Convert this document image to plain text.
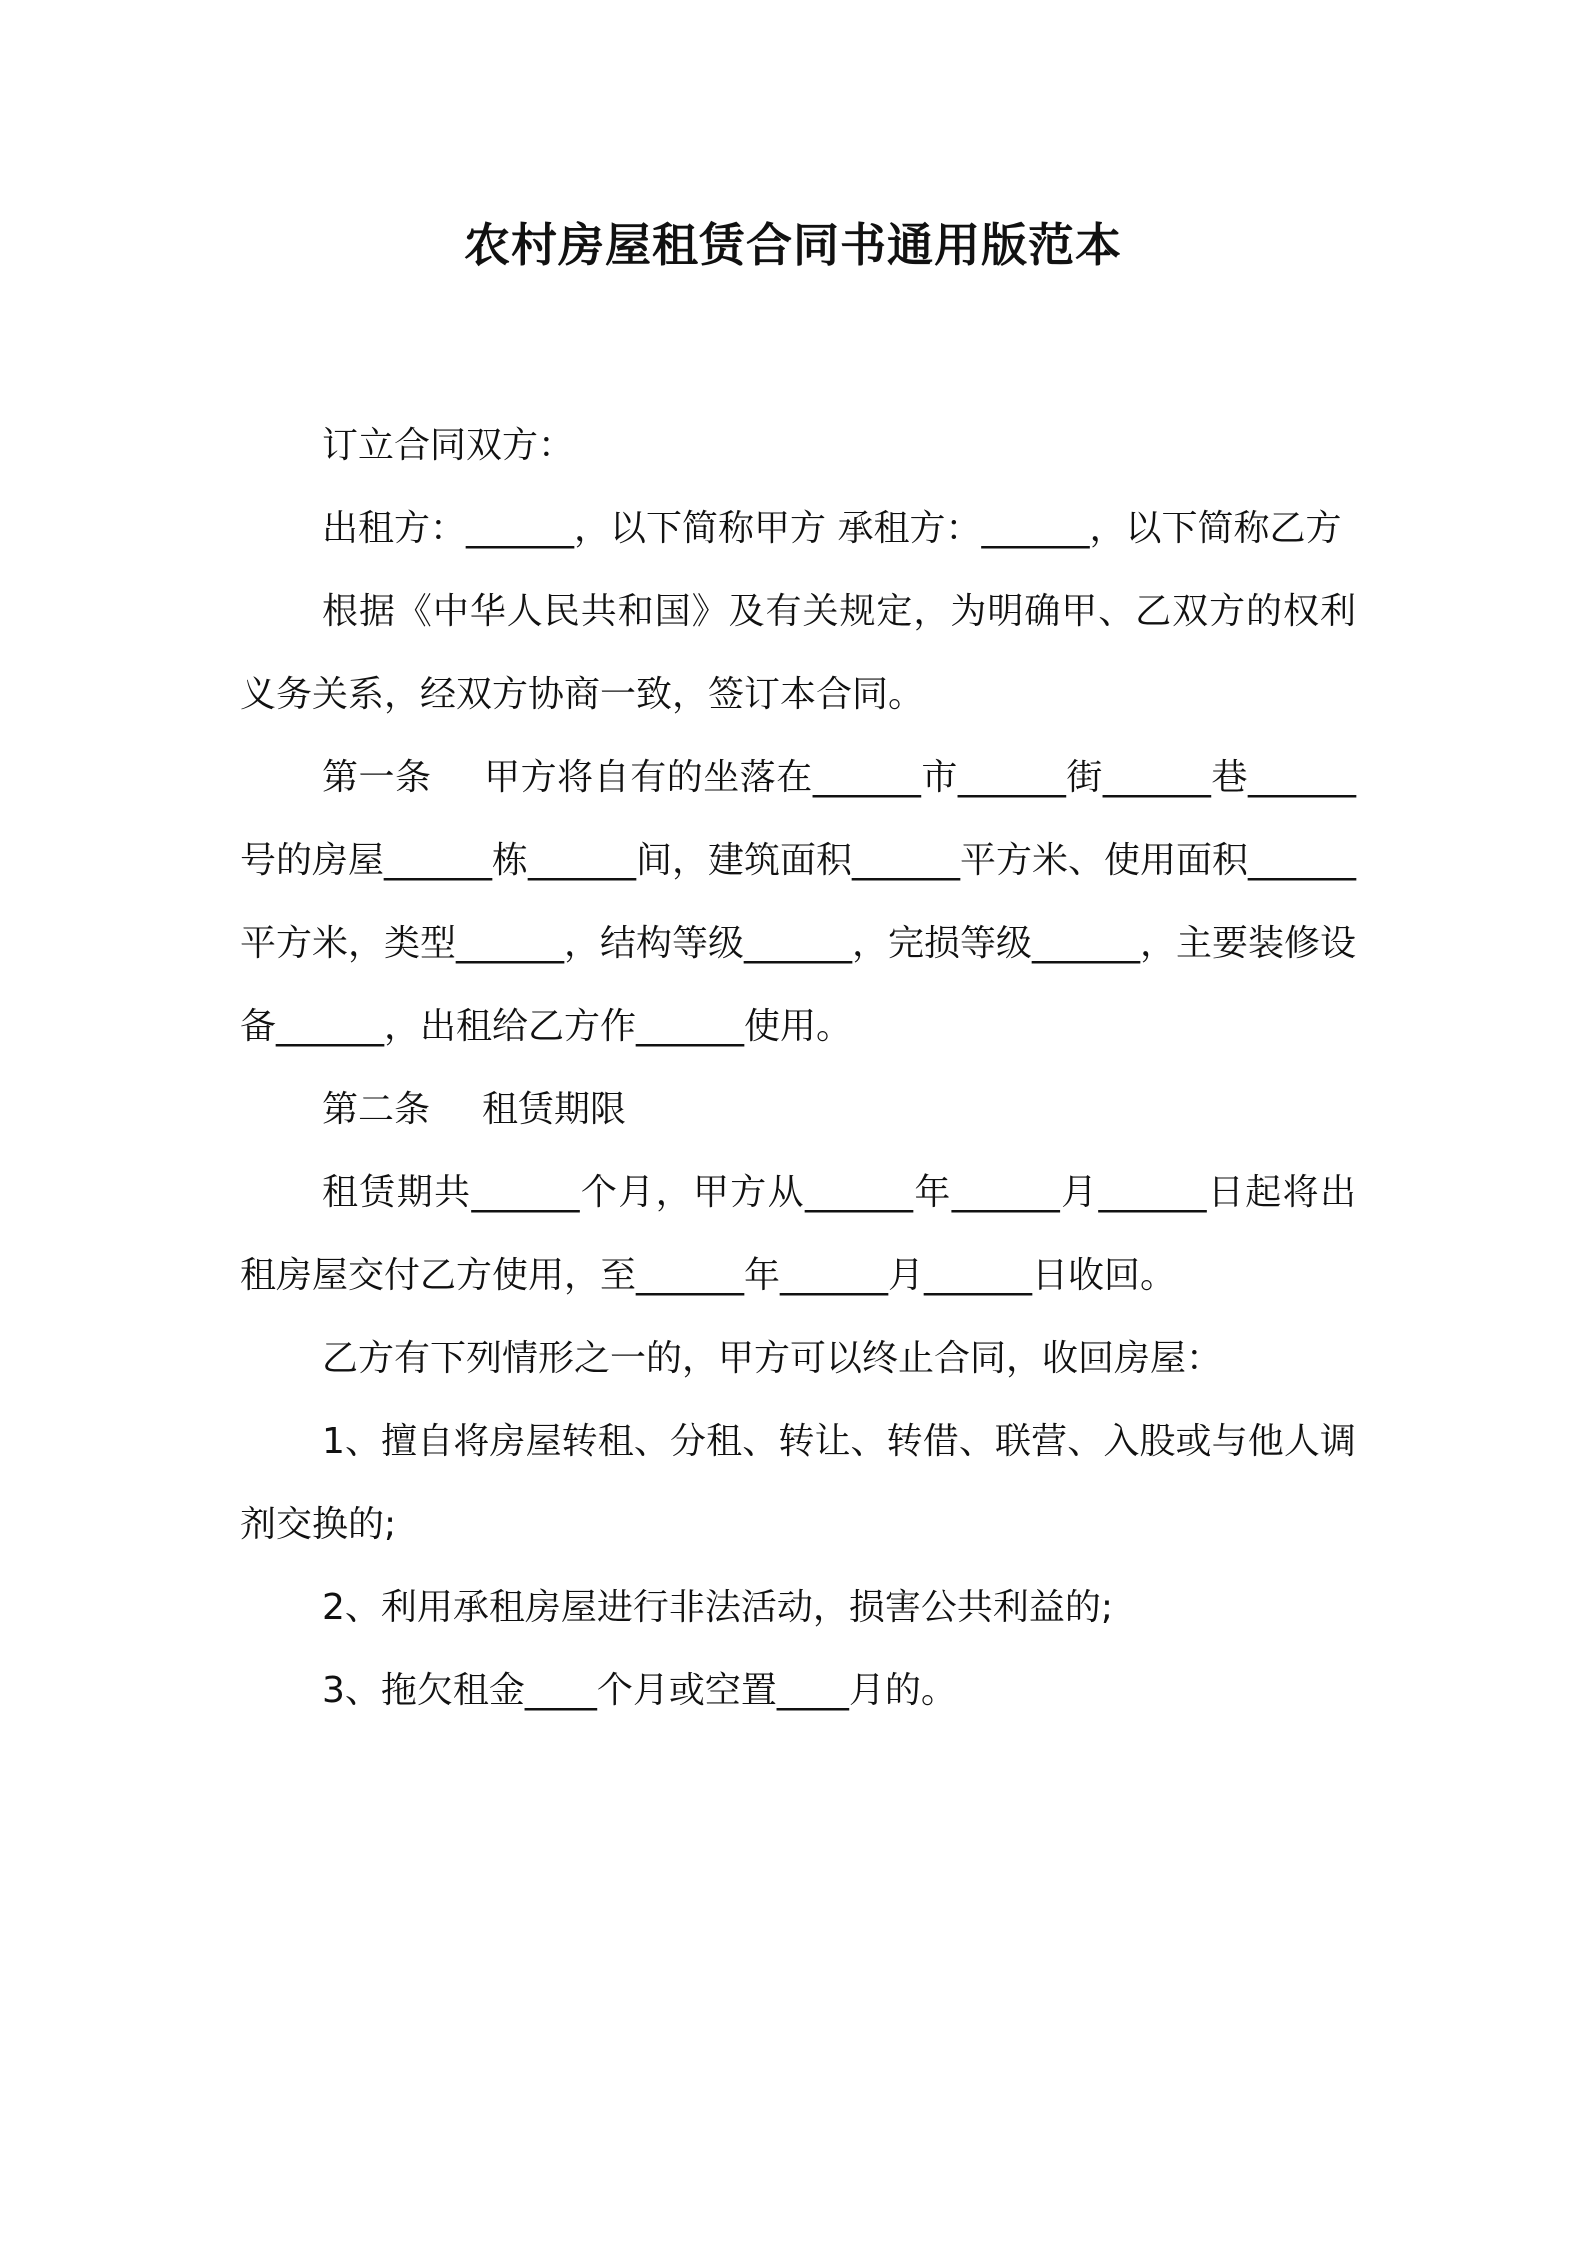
农村房屋租赁合同书通用版范本

订立合同双方：

出租方：______，以下简称甲方 承租方：______，以下简称乙方

根据《中华人民共和国》及有关规定，为明确甲、乙双方的权利义务关系，经双方协商一致，签订本合同。

第一条 甲方将自有的坐落在______市______街______巷______号的房屋______栋______间，建筑面积______平方米、使用面积______平方米，类型______，结构等级______，完损等级______，主要装修设备______，出租给乙方作______使用。

第二条 租赁期限

租赁期共______个月，甲方从______年______月______日起将出租房屋交付乙方使用，至______年______月______日收回。

乙方有下列情形之一的，甲方可以终止合同，收回房屋：

1、擅自将房屋转租、分租、转让、转借、联营、入股或与他人调剂交换的;

2、利用承租房屋进行非法活动，损害公共利益的;

3、拖欠租金____个月或空置____月的。
